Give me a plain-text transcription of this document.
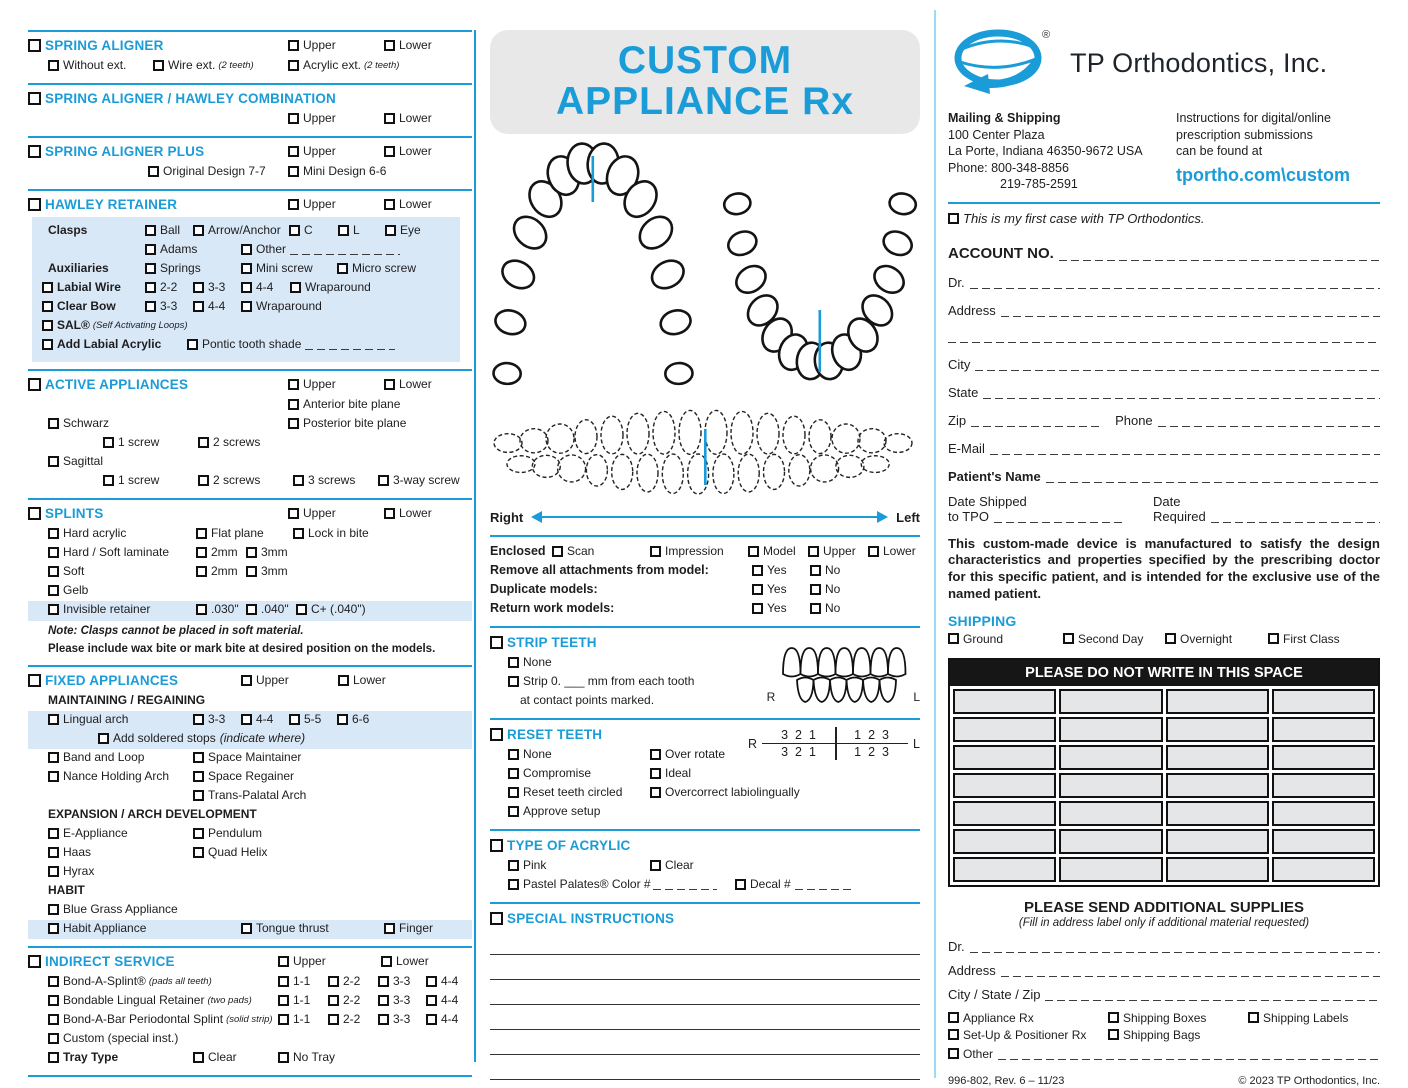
SPRING ALIGNER	Upper	Lower
Without ext.	Wire ext. (2 teeth)	Acrylic ext. (2 teeth)
SPRING ALIGNER / HAWLEY COMBINATION
Upper	Lower
SPRING ALIGNER PLUS	Upper	Lower
Original Design 7-7	Mini Design 6-6
HAWLEY RETAINER	Upper	Lower
Clasps	Ball Arrow/Anchor C	L	Eye
Adams	Other
Auxiliaries	Springs	Mini screw	Micro screw
Labial Wire	2-2	3-3	4-4	Wraparound
Clear Bow	3-3	4-4	Wraparound
SAL® (Self Activating Loops)
Add Labial Acrylic	Pontic tooth shade
ACTIVE APPLIANCES	Upper	Lower
Anterior bite plane
Schwarz	Posterior bite plane
1 screw	2 screws
Sagittal
1 screw	2 screws	3 screws	3-way screw
SPLINTS	Upper	Lower
Hard acrylic	Flat plane	Lock in bite
Hard / Soft laminate	2mm 3mm
Soft	2mm 3mm
Gelb
Invisible retainer	.030" .040" C+ (.040")
Note: Clasps cannot be placed in soft material.
Please include wax bite or mark bite at desired position on the models.
FIXED APPLIANCES	Upper	Lower
MAINTAINING / REGAINING
Lingual arch	3-3	4-4	5-5	6-6
Add soldered stops (indicate where)
Band and Loop	Space Maintainer
Nance Holding Arch	Space Regainer
Trans-Palatal Arch
EXPANSION / ARCH DEVELOPMENT
E-Appliance	Pendulum
Haas	Quad Helix
Hyrax
HABIT
Blue Grass Appliance
Habit Appliance	Tongue thrust	Finger
INDIRECT SERVICE	Upper	Lower
Bond-A-Splint® (pads all teeth)	1-1	2-2	3-3	4-4
Bondable Lingual Retainer (two pads)	1-1	2-2	3-3	4-4
Bond-A-Bar Periodontal Splint (solid strip) 1-1	2-2	3-3	4-4
Custom (special inst.)
Tray Type	Clear	No Tray
CUSTOM
APPLIANCE Rx

Right	Left
Enclosed Scan	Impression	Model Upper Lower
Remove all attachments from model:	Yes	No
Duplicate models:	Yes	No
Return work models:	Yes	No
STRIP TEETH
None
Strip 0. ___ mm from each tooth
at contact points marked.	R	L
RESET TEETH
R
3  2  1	1  2  3
3  2  1	1  2  3
L
None	Over rotate
Compromise	Ideal
Reset teeth circled	Overcorrect labiolingually
Approve setup
TYPE OF ACRYLIC
Pink	Clear
Pastel Palates® Color #	Decal #
SPECIAL INSTRUCTIONS
®
TP Orthodontics, Inc.
Mailing & Shipping
100 Center Plaza
La Porte, Indiana 46350-9672 USA
Phone: 800-348-8856
219-785-2591
Instructions for digital/online
prescription submissions
can be found at
tportho.com\custom
This is my first case with TP Orthodontics.
ACCOUNT NO.
Dr.
Address
City
State
Zip	Phone
E-Mail
Patient's Name
Date Shipped
to TPO
Date
Required
This custom-made device is manufactured to satisfy the design characteristics and properties specified by the prescribing doctor for this specific patient, and is intended for the exclusive use of the named patient.
SHIPPING
Ground	Second Day	Overnight	First Class
PLEASE DO NOT WRITE IN THIS SPACE
PLEASE SEND ADDITIONAL SUPPLIES
(Fill in address label only if additional material requested)
Dr.
Address
City / State / Zip
Appliance Rx	Shipping Boxes	Shipping Labels
Set-Up & Positioner Rx	Shipping Bags
Other
996-802, Rev. 6 – 11/23	© 2023 TP Orthodontics, Inc.
